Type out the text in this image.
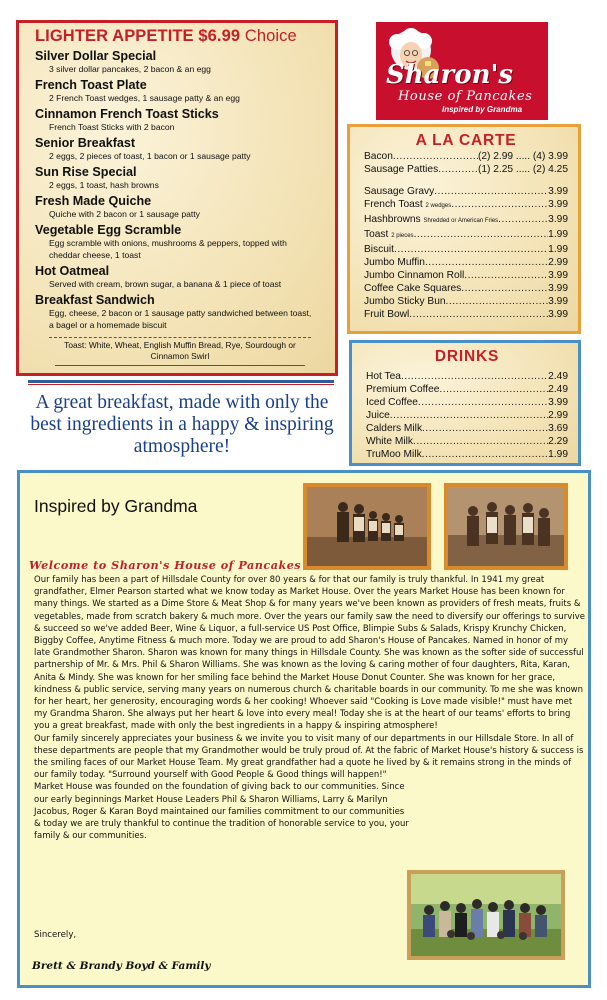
LIGHTER APPETITE $6.99 Choice
Silver Dollar Special
3 silver dollar pancakes, 2 bacon & an egg
French Toast Plate
2 French Toast wedges, 1 sausage patty & an egg
Cinnamon French Toast Sticks
French Toast Sticks with 2 bacon
Senior Breakfast
2 eggs, 2 pieces of toast, 1 bacon or 1 sausage patty
Sun Rise Special
2 eggs, 1 toast, hash browns
Fresh Made Quiche
Quiche with 2 bacon or 1 sausage patty
Vegetable Egg Scramble
Egg scramble with onions, mushrooms & peppers, topped with cheddar cheese, 1 toast
Hot Oatmeal
Served with cream, brown sugar, a banana & 1 piece of toast
Breakfast Sandwich
Egg, cheese, 2 bacon or 1 sausage patty sandwiched between toast, a bagel or a homemade biscuit
Toast: White, Wheat, English Muffin Bread, Rye, Sourdough or Cinnamon Swirl
Sharon's
House of Pancakes
Inspired by Grandma
A LA CARTE
Bacon .....	(2) 2.99 ..... (4) 3.99
Sausage Patties .....	(1) 2.25 ..... (2) 4.25
Sausage Gravy .....	3.99
French Toast 2 wedges .....	3.99
Hashbrowns Shredded or American Fries .....	3.99
Toast 2 pieces .....	1.99
Biscuit .....	1.99
Jumbo Muffin .....	2.99
Jumbo Cinnamon Roll .....	3.99
Coffee Cake Squares .....	3.99
Jumbo Sticky Bun .....	3.99
Fruit Bowl .....	3.99
DRINKS
Hot Tea .....	2.49
Premium Coffee .....	2.49
Iced Coffee .....	3.99
Juice .....	2.99
Calders Milk .....	3.69
White Milk .....	2.29
TruMoo Milk .....	1.99
A great breakfast, made with only the best ingredients in a happy & inspiring atmosphere!
Inspired by Grandma
Welcome to Sharon's House of Pancakes

Our family has been a part of Hillsdale County for over 80 years & for that our family is truly thankful. In 1941 my great grandfather, Elmer Pearson started what we know today as Market House. Over the years Market House has been known for many things. We started as a Dime Store & Meat Shop & for many years we've been known as providers of fresh meats, fruits & vegetables, made from scratch bakery & much more. Over the years our family saw the need to diversify our offerings to survive & succeed so we've added Beer, Wine & Liquor, a full-service US Post Office, Blimpie Subs & Salads, Krispy Krunchy Chicken, Biggby Coffee, Anytime Fitness & much more. Today we are proud to add Sharon's House of Pancakes. Named in honor of my late Grandmother Sharon. Sharon was known for many things in Hillsdale County. She was known as the softer side of successful partnership of Mr. & Mrs. Phil & Sharon Williams. She was known as the loving & caring mother of four daughters, Rita, Karan, Anita & Mindy. She was known for her smiling face behind the Market House Donut Counter. She was known for her grace, kindness & public service, serving many years on numerous church & charitable boards in our community. To me she was known for her heart, her generosity, encouraging words & her cooking! Whoever said "Cooking is Love made visible!" must have met my Grandma Sharon. She always put her heart & love into every meal! Today she is at the heart of our teams' efforts to bring you a great breakfast, made with only the best ingredients in a happy & inspiring atmosphere!

Our family sincerely appreciates your business & we invite you to visit many of our departments in our Hillsdale Store. In all of these departments are people that my Grandmother would be truly proud of. At the fabric of Market House's history & success is the smiling faces of our Market House Team. My great grandfather had a quote he lived by & it remains strong in the minds of our family today. "Surround yourself with Good People & Good things will happen!"

Market House was founded on the foundation of giving back to our communities. Since our early beginnings Market House Leaders Phil & Sharon Williams, Larry & Marilyn Jacobus, Roger & Karan Boyd maintained our families commitment to our communities & today we are truly thankful to continue the tradition of honorable service to you, your family & our communities.

Sincerely,
Brett & Brandy Boyd & Family
